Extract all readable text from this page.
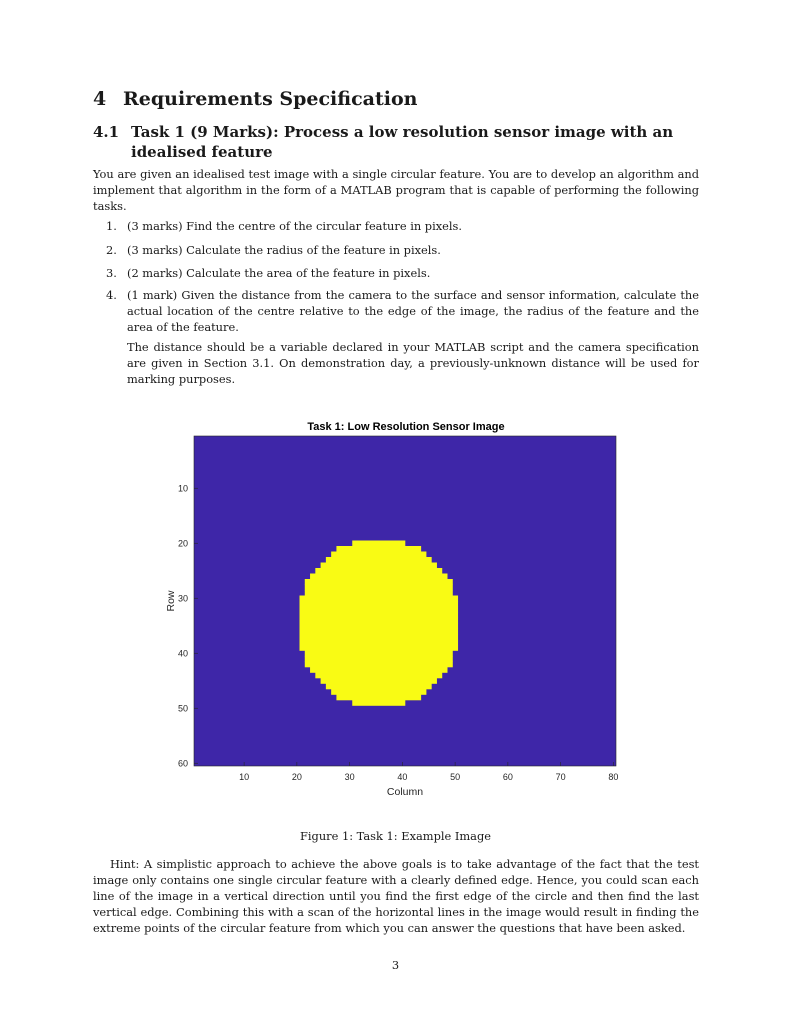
4 Requirements Specification
4.1 Task 1 (9 Marks): Process a low resolution sensor image with an idealised feature

You are given an idealised test image with a single circular feature. You are to develop an algorithm and implement that algorithm in the form of a MATLAB program that is capable of performing the following tasks.

1. (3 marks) Find the centre of the circular feature in pixels.
2. (3 marks) Calculate the radius of the feature in pixels.
3. (2 marks) Calculate the area of the feature in pixels.
4. (1 mark) Given the distance from the camera to the surface and sensor information, calculate the actual location of the centre relative to the edge of the image, the radius of the feature and the area of the feature.
The distance should be a variable declared in your MATLAB script and the camera specification are given in Section 3.1. On demonstration day, a previously-unknown distance will be used for marking purposes.
Task 1: Low Resolution Sensor Image
10	20	30	40	50	60	70	80
10
20
30
40
50
60
Column
Row

Figure 1: Task 1: Example Image

Hint: A simplistic approach to achieve the above goals is to take advantage of the fact that the test image only contains one single circular feature with a clearly defined edge. Hence, you could scan each line of the image in a vertical direction until you find the first edge of the circle and then find the last vertical edge. Combining this with a scan of the horizontal lines in the image would result in finding the extreme points of the circular feature from which you can answer the questions that have been asked.

3
